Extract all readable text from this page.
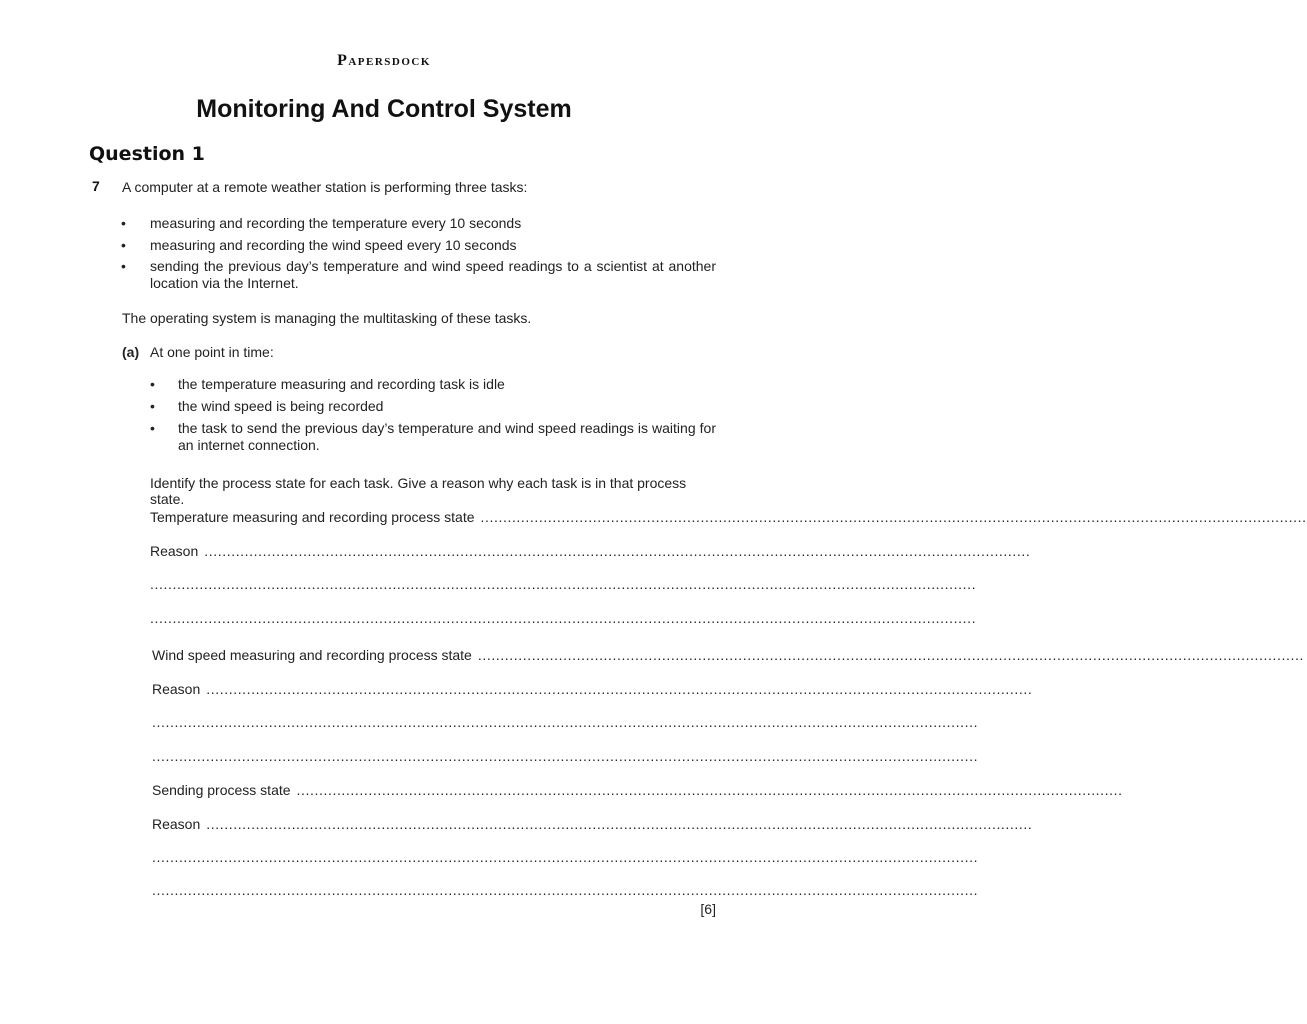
Papersdock
Monitoring And Control System
Question 1
7 A computer at a remote weather station is performing three tasks:
• measuring and recording the temperature every 10 seconds
• measuring and recording the wind speed every 10 seconds
• sending the previous day’s temperature and wind speed readings to a scientist at another
location via the Internet.
The operating system is managing the multitasking of these tasks.
(a) At one point in time:
• the temperature measuring and recording task is idle
• the wind speed is being recorded
• the task to send the previous day’s temperature and wind speed readings is waiting for
an internet connection.
Identify the process state for each task. Give a reason why each task is in that process state.
Temperature measuring and recording process state ........................................................................................................................................................................................
Reason ........................................................................................................................................................................................
........................................................................................................................................................................................
........................................................................................................................................................................................
Wind speed measuring and recording process state ........................................................................................................................................................................................
Reason ........................................................................................................................................................................................
........................................................................................................................................................................................
........................................................................................................................................................................................
Sending process state ........................................................................................................................................................................................
Reason ........................................................................................................................................................................................
........................................................................................................................................................................................
........................................................................................................................................................................................
[6]
